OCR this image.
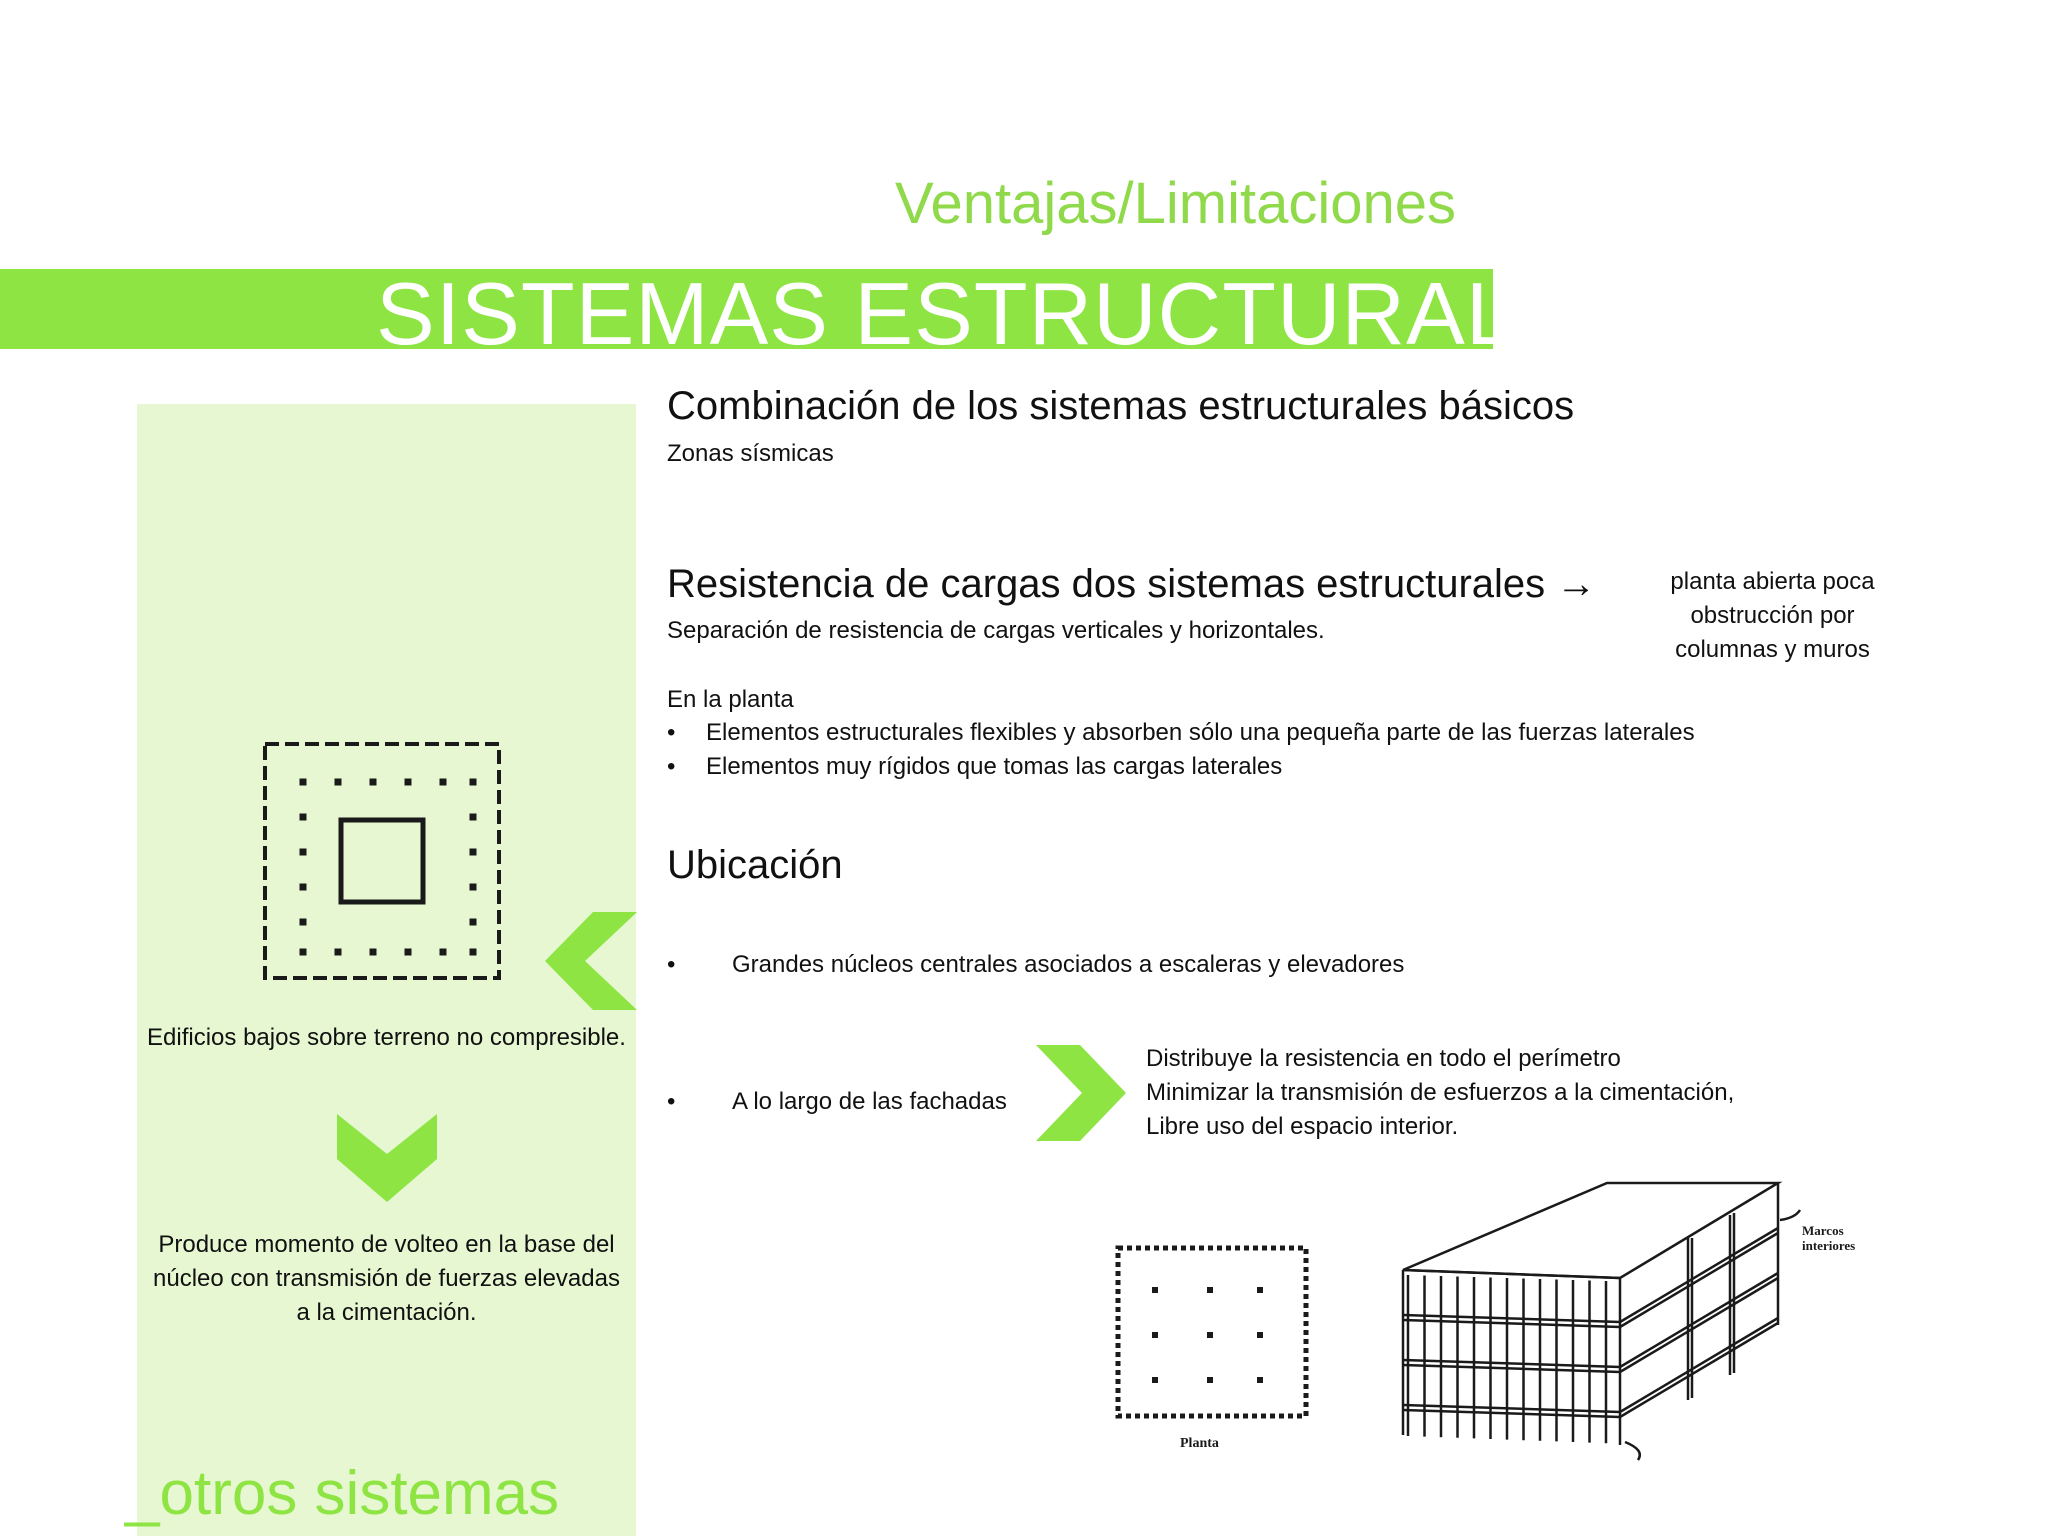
Ventajas/Limitaciones
SISTEMAS ESTRUCTURALES
Edificios bajos sobre terreno no compresible.
Produce momento de volteo en la base del núcleo con transmisión de fuerzas elevadas a la cimentación.
_otros sistemas
Combinación de los sistemas estructurales básicos
Zonas sísmicas
Resistencia de cargas dos sistemas estructurales →
Separación de resistencia de cargas verticales y horizontales.
planta abierta poca obstrucción por columnas y muros
En la planta
• Elementos estructurales flexibles y absorben sólo una pequeña parte de las fuerzas laterales
• Elementos muy rígidos que tomas las cargas laterales
Ubicación
• Grandes núcleos centrales asociados a escaleras y elevadores
• A lo largo de las fachadas
Distribuye la resistencia en todo el perímetro
Minimizar la transmisión de esfuerzos a la cimentación,
Libre uso del espacio interior.
Planta
Marcos
interiores
